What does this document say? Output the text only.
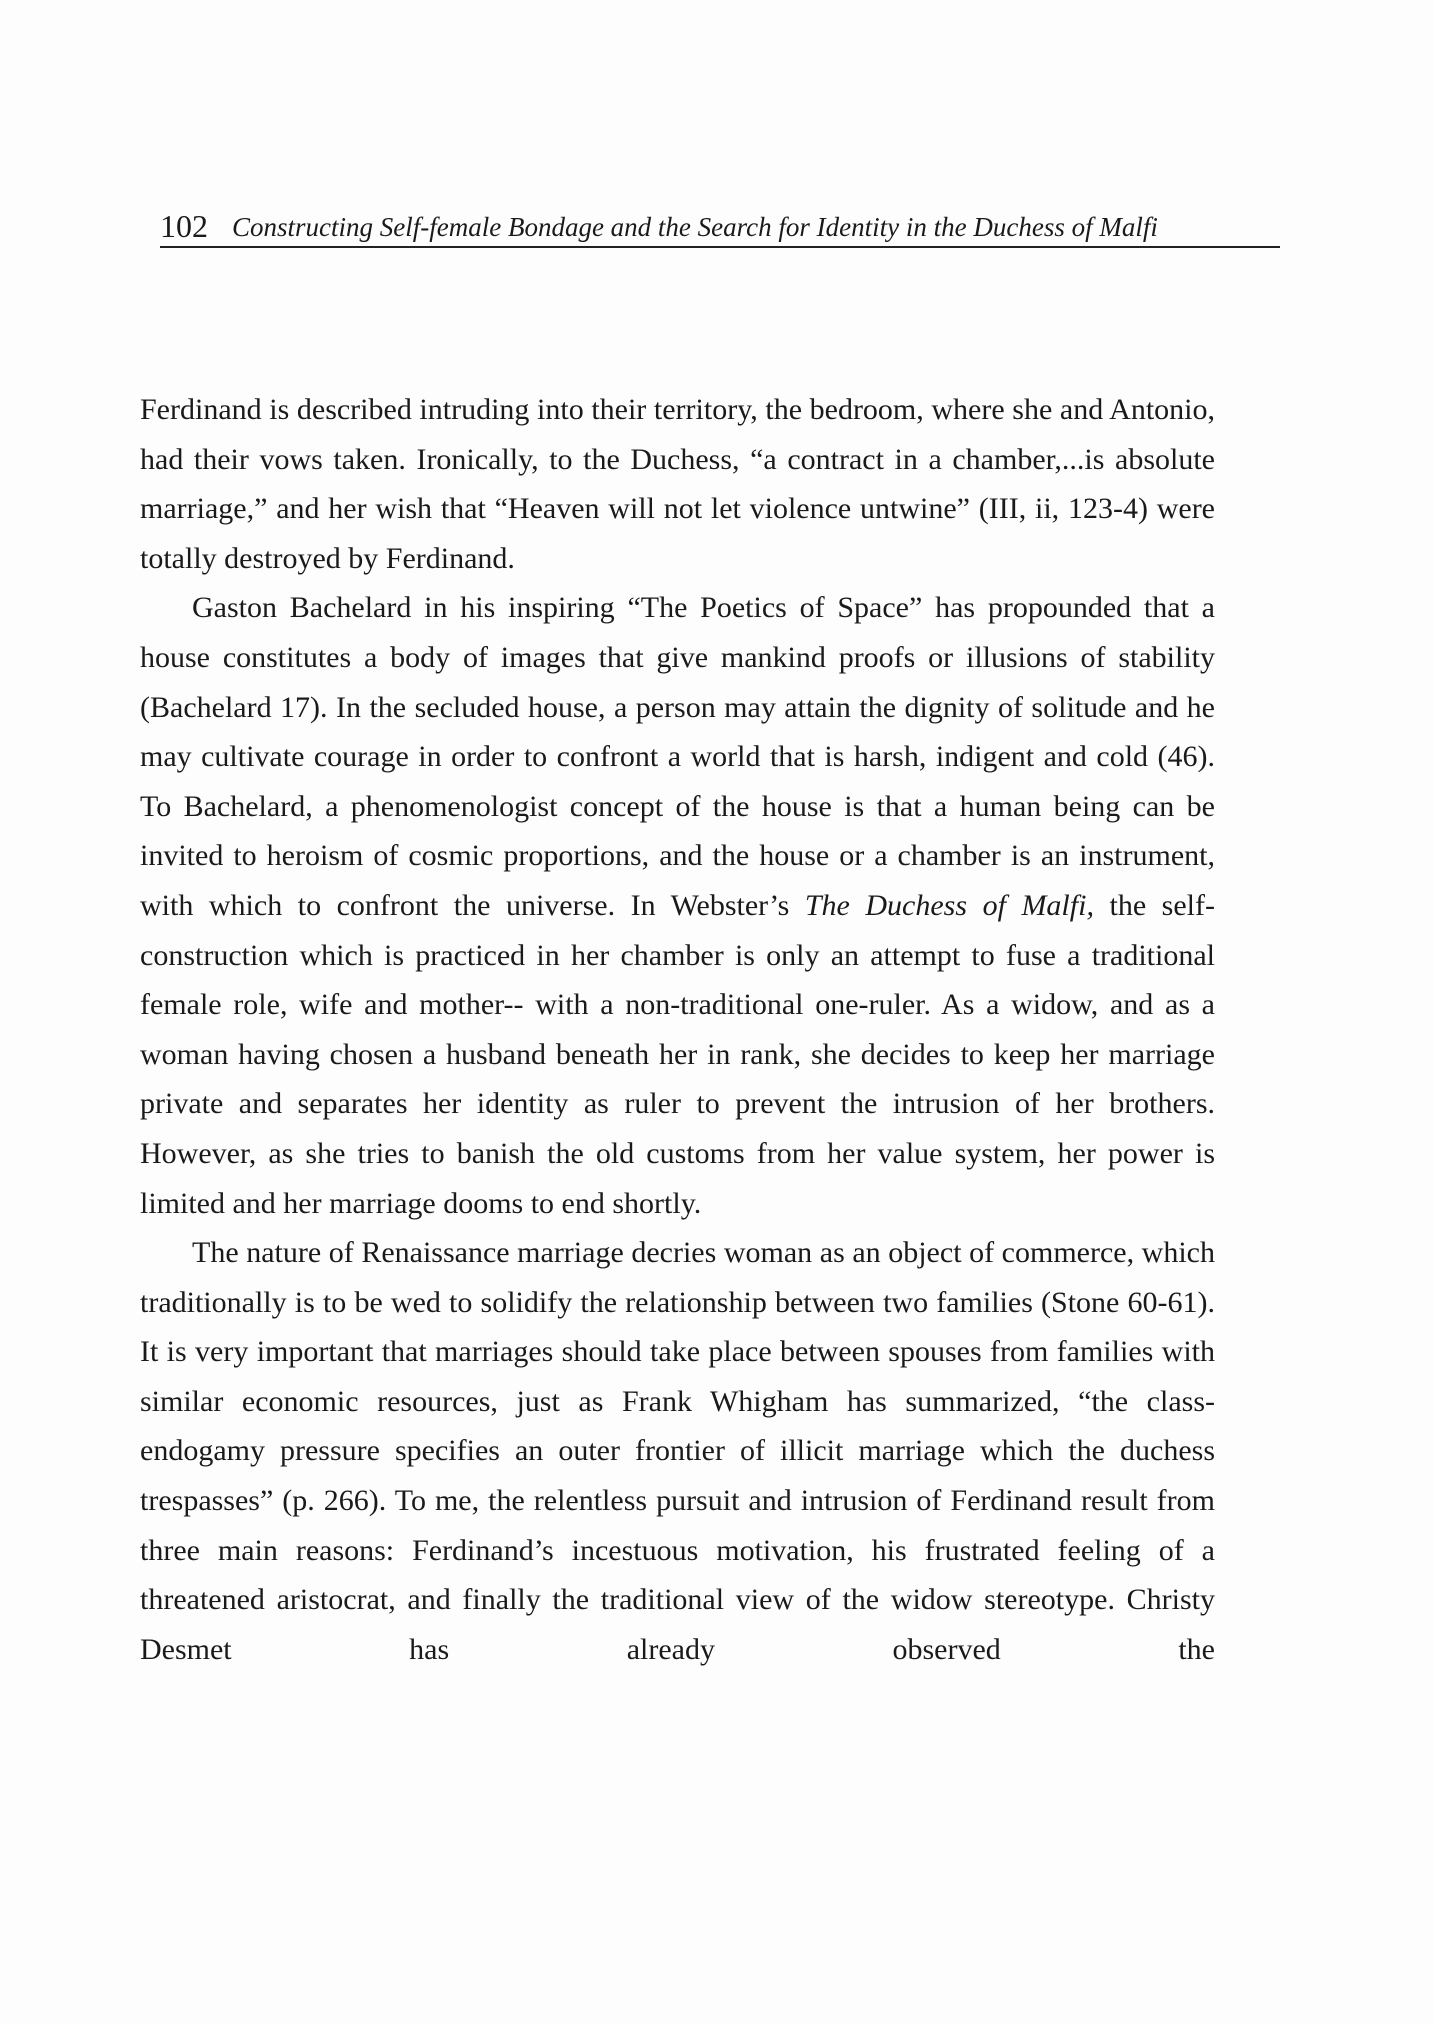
102 Constructing Self-female Bondage and the Search for Identity in the Duchess of Malfi

Ferdinand is described intruding into their territory, the bedroom, where she and Antonio, had their vows taken. Ironically, to the Duchess, “a contract in a chamber,...is absolute marriage,” and her wish that “Heaven will not let violence untwine” (III, ii, 123-4) were totally destroyed by Ferdinand.

Gaston Bachelard in his inspiring “The Poetics of Space” has propounded that a house constitutes a body of images that give mankind proofs or illusions of stability (Bachelard 17). In the secluded house, a person may attain the dignity of solitude and he may cultivate courage in order to confront a world that is harsh, indigent and cold (46). To Bachelard, a phenomenologist concept of the house is that a human being can be invited to heroism of cosmic proportions, and the house or a chamber is an instrument, with which to confront the universe. In Webster’s The Duchess of Malfi, the self-construction which is practiced in her chamber is only an attempt to fuse a traditional female role, wife and mother-- with a non-traditional one-ruler. As a widow, and as a woman having chosen a husband beneath her in rank, she decides to keep her marriage private and separates her identity as ruler to prevent the intrusion of her brothers. However, as she tries to banish the old customs from her value system, her power is limited and her marriage dooms to end shortly.

The nature of Renaissance marriage decries woman as an object of commerce, which traditionally is to be wed to solidify the relationship between two families (Stone 60-61). It is very important that marriages should take place between spouses from families with similar economic resources, just as Frank Whigham has summarized, “the class-endogamy pressure specifies an outer frontier of illicit marriage which the duchess trespasses” (p. 266). To me, the relentless pursuit and intrusion of Ferdinand result from three main reasons: Ferdinand’s incestuous motivation, his frustrated feeling of a threatened aristocrat, and finally the traditional view of the widow stereotype. Christy Desmet has already observed the
